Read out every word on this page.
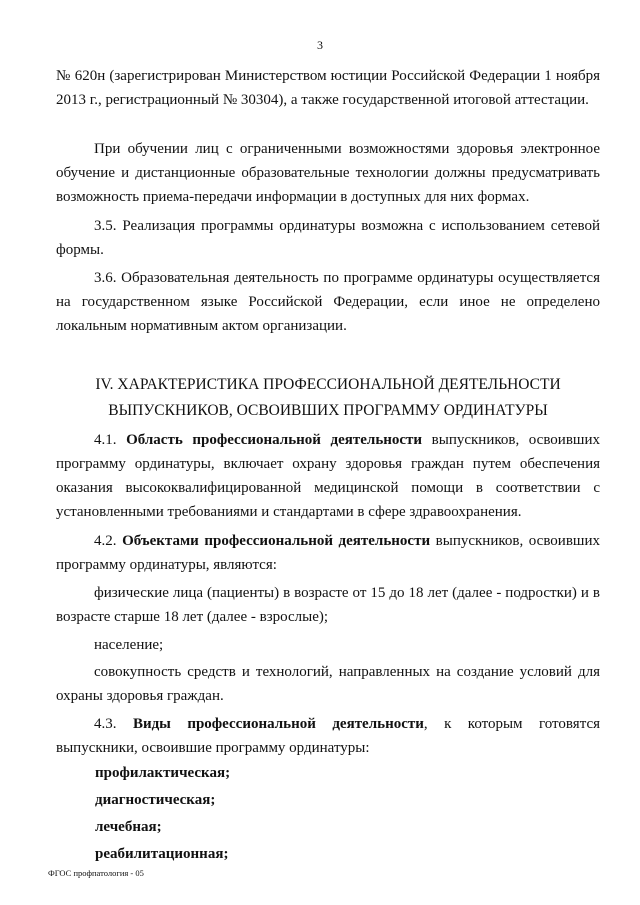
3

№ 620н (зарегистрирован Министерством юстиции Российской Федерации 1 ноября 2013 г., регистрационный № 30304), а также государственной итоговой аттестации.

При обучении лиц с ограниченными возможностями здоровья электронное обучение и дистанционные образовательные технологии должны предусматривать возможность приема-передачи информации в доступных для них формах.

3.5. Реализация программы ординатуры возможна с использованием сетевой формы.

3.6. Образовательная деятельность по программе ординатуры осуществляется на государственном языке Российской Федерации, если иное не определено локальным нормативным актом организации.

IV. ХАРАКТЕРИСТИКА ПРОФЕССИОНАЛЬНОЙ ДЕЯТЕЛЬНОСТИ
ВЫПУСКНИКОВ, ОСВОИВШИХ ПРОГРАММУ ОРДИНАТУРЫ

4.1. Область профессиональной деятельности выпускников, освоивших программу ординатуры, включает охрану здоровья граждан путем обеспечения оказания высококвалифицированной медицинской помощи в соответствии с установленными требованиями и стандартами в сфере здравоохранения.

4.2. Объектами профессиональной деятельности выпускников, освоивших программу ординатуры, являются:

физические лица (пациенты) в возрасте от 15 до 18 лет (далее - подростки) и в возрасте старше 18 лет (далее - взрослые);

население;

совокупность средств и технологий, направленных на создание условий для охраны здоровья граждан.

4.3. Виды профессиональной деятельности, к которым готовятся выпускники, освоившие программу ординатуры:

профилактическая;
диагностическая;
лечебная;
реабилитационная;
ФГОС профпатология - 05
